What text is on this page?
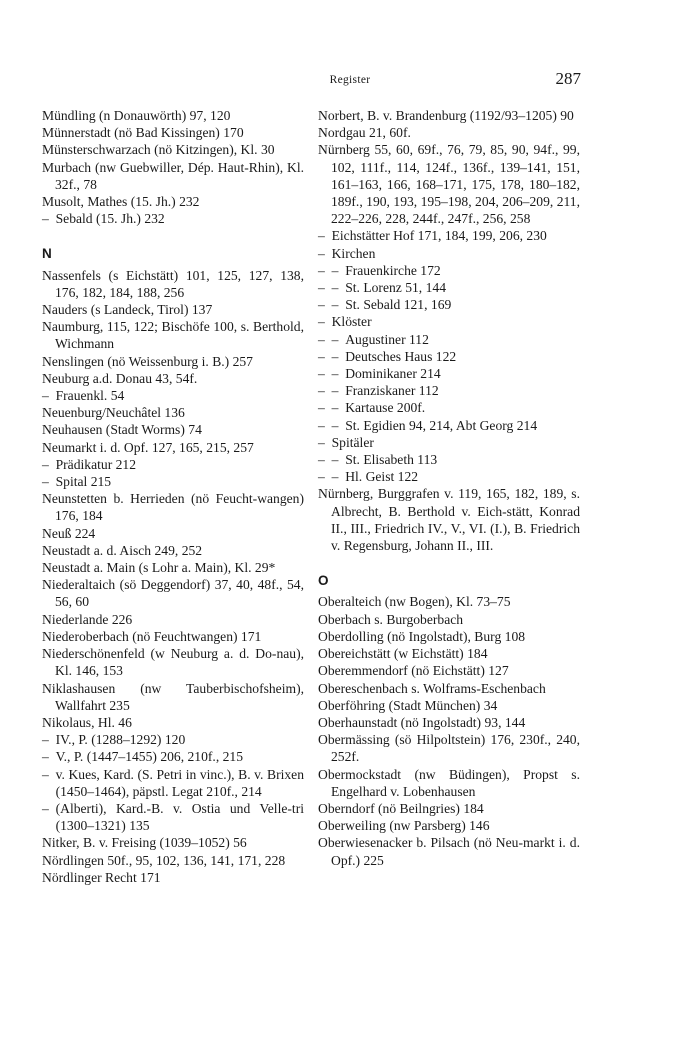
Register	287
Mündling (n Donauwörth) 97, 120
Münnerstadt (nö Bad Kissingen) 170
Münsterschwarzach (nö Kitzingen), Kl. 30
Murbach (nw Guebwiller, Dép. Haut-Rhin), Kl. 32f., 78
Musolt, Mathes (15. Jh.) 232
– Sebald (15. Jh.) 232
N
Nassenfels (s Eichstätt) 101, 125, 127, 138, 176, 182, 184, 188, 256
Nauders (s Landeck, Tirol) 137
Naumburg, 115, 122; Bischöfe 100, s. Berthold, Wichmann
Nenslingen (nö Weissenburg i. B.) 257
Neuburg a.d. Donau 43, 54f.
– Frauenkl. 54
Neuenburg/Neuchâtel 136
Neuhausen (Stadt Worms) 74
Neumarkt i. d. Opf. 127, 165, 215, 257
– Prädikatur 212
– Spital 215
Neunstetten b. Herrieden (nö Feucht-wangen) 176, 184
Neuß 224
Neustadt a. d. Aisch 249, 252
Neustadt a. Main (s Lohr a. Main), Kl. 29*
Niederaltaich (sö Deggendorf) 37, 40, 48f., 54, 56, 60
Niederlande 226
Niederoberbach (nö Feuchtwangen) 171
Niederschönenfeld (w Neuburg a. d. Do-nau), Kl. 146, 153
Niklashausen (nw Tauberbischofsheim), Wallfahrt 235
Nikolaus, Hl. 46
– IV., P. (1288–1292) 120
– V., P. (1447–1455) 206, 210f., 215
– v. Kues, Kard. (S. Petri in vinc.), B. v. Brixen (1450–1464), päpstl. Legat 210f., 214
– (Alberti), Kard.-B. v. Ostia und Velle-tri (1300–1321) 135
Nitker, B. v. Freising (1039–1052) 56
Nördlingen 50f., 95, 102, 136, 141, 171, 228
Nördlinger Recht 171
Norbert, B. v. Brandenburg (1192/93–1205) 90
Nordgau 21, 60f.
Nürnberg 55, 60, 69f., 76, 79, 85, 90, 94f., 99, 102, 111f., 114, 124f., 136f., 139–141, 151, 161–163, 166, 168–171, 175, 178, 180–182, 189f., 190, 193, 195–198, 204, 206–209, 211, 222–226, 228, 244f., 247f., 256, 258
– Eichstätter Hof 171, 184, 199, 206, 230
– Kirchen
–  – Frauenkirche 172
–  – St. Lorenz 51, 144
–  – St. Sebald 121, 169
– Klöster
–  – Augustiner 112
–  – Deutsches Haus 122
–  – Dominikaner 214
–  – Franziskaner 112
–  – Kartause 200f.
–  – St. Egidien 94, 214, Abt Georg 214
– Spitäler
–  – St. Elisabeth 113
–  – Hl. Geist 122
Nürnberg, Burggrafen v. 119, 165, 182, 189, s. Albrecht, B. Berthold v. Eich-stätt, Konrad II., III., Friedrich IV., V., VI. (I.), B. Friedrich v. Regensburg, Johann II., III.
O
Oberalteich (nw Bogen), Kl. 73–75
Oberbach s. Burgoberbach
Oberdolling (nö Ingolstadt), Burg 108
Obereichstätt (w Eichstätt) 184
Oberemmendorf (nö Eichstätt) 127
Obereschenbach s. Wolframs-Eschenbach
Oberföhring (Stadt München) 34
Oberhaunstadt (nö Ingolstadt) 93, 144
Obermässing (sö Hilpoltstein) 176, 230f., 240, 252f.
Obermockstadt (nw Büdingen), Propst s. Engelhard v. Lobenhausen
Oberndorf (nö Beilngries) 184
Oberweiling (nw Parsberg) 146
Oberwiesenacker b. Pilsach (nö Neu-markt i. d. Opf.) 225
